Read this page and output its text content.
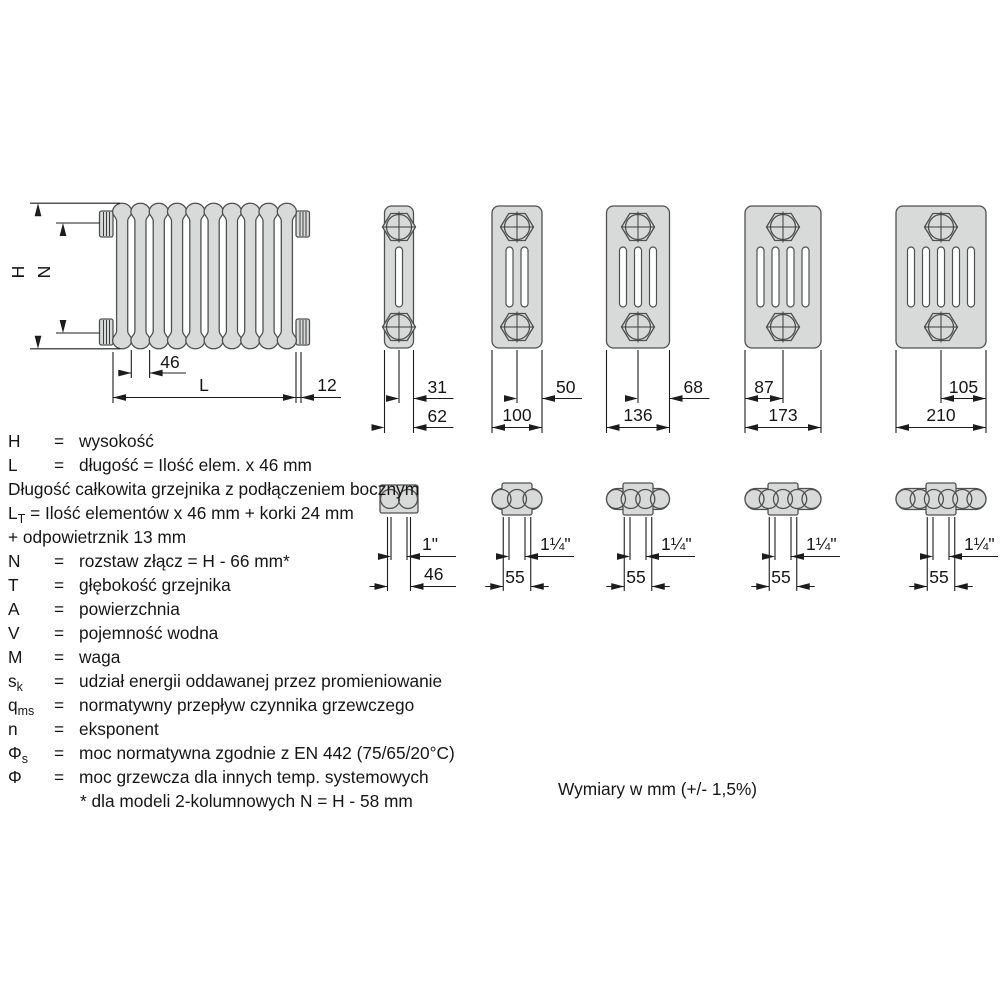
H N
46
L	12	31
62
50
100
68
136
87
173
105
210
1"
46
1¼"
55
1¼"
55
1¼"
55
1¼"
55
H = wysokość
L = długość = Ilość elem. x 46 mm
Długość całkowita grzejnika z podłączeniem bocznym
$L_T$ = Ilość elementów x 46 mm + korki 24 mm
+ odpowietrznik 13 mm
N = rozstaw złącz = H - 66 mm*
T = głębokość grzejnika
A = powierzchnia
V = pojemność wodna
M = waga
$s_k$ = udział energii oddawanej przez promieniowanie
$q_{ms}$ = normatywny przepływ czynnika grzewczego
n = eksponent
$\Phi_s$ = moc normatywna zgodnie z EN 442 (75/65/20°C)
Φ = moc grzewcza dla innych temp. systemowych
* dla modeli 2-kolumnowych N = H - 58 mm
Wymiary w mm (+/- 1,5%)
